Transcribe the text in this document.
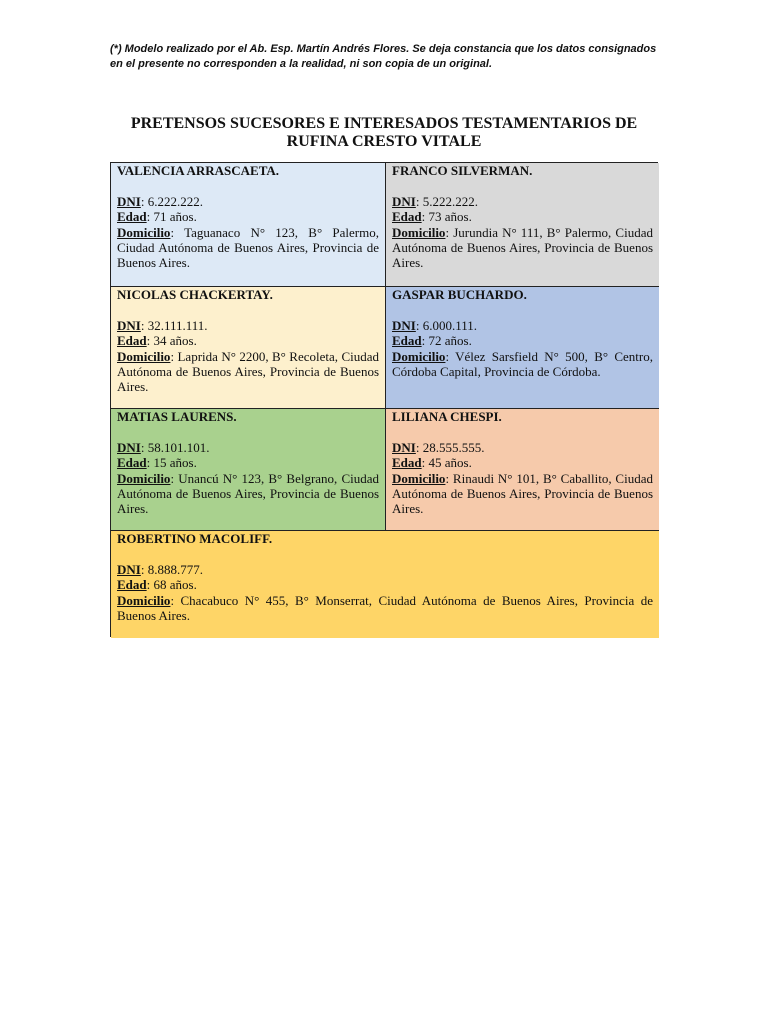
(*) Modelo realizado por el Ab. Esp. Martín Andrés Flores. Se deja constancia que los datos consignados en el presente no corresponden a la realidad, ni son copia de un original.
PRETENSOS SUCESORES E INTERESADOS TESTAMENTARIOS DE RUFINA CRESTO VITALE

VALENCIA ARRASCAETA.

DNI: 6.222.222.

Edad: 71 años.

Domicilio: Taguanaco N° 123, B° Palermo, Ciudad Autónoma de Buenos Aires, Provincia de Buenos Aires.

FRANCO SILVERMAN.

DNI: 5.222.222.

Edad: 73 años.

Domicilio: Jurundia N° 111, B° Palermo, Ciudad Autónoma de Buenos Aires, Provincia de Buenos Aires.

NICOLAS CHACKERTAY.

DNI: 32.111.111.

Edad: 34 años.

Domicilio: Laprida N° 2200, B° Recoleta, Ciudad Autónoma de Buenos Aires, Provincia de Buenos Aires.

GASPAR BUCHARDO.

DNI: 6.000.111.

Edad: 72 años.

Domicilio: Vélez Sarsfield N° 500, B° Centro, Córdoba Capital, Provincia de Córdoba.

MATIAS LAURENS.

DNI: 58.101.101.

Edad: 15 años.

Domicilio: Unancú N° 123, B° Belgrano, Ciudad Autónoma de Buenos Aires, Provincia de Buenos Aires.

LILIANA CHESPI.

DNI: 28.555.555.

Edad: 45 años.

Domicilio: Rinaudi N° 101, B° Caballito, Ciudad Autónoma de Buenos Aires, Provincia de Buenos Aires.

ROBERTINO MACOLIFF.

DNI: 8.888.777.

Edad: 68 años.

Domicilio: Chacabuco N° 455, B° Monserrat, Ciudad Autónoma de Buenos Aires, Provincia de Buenos Aires.
